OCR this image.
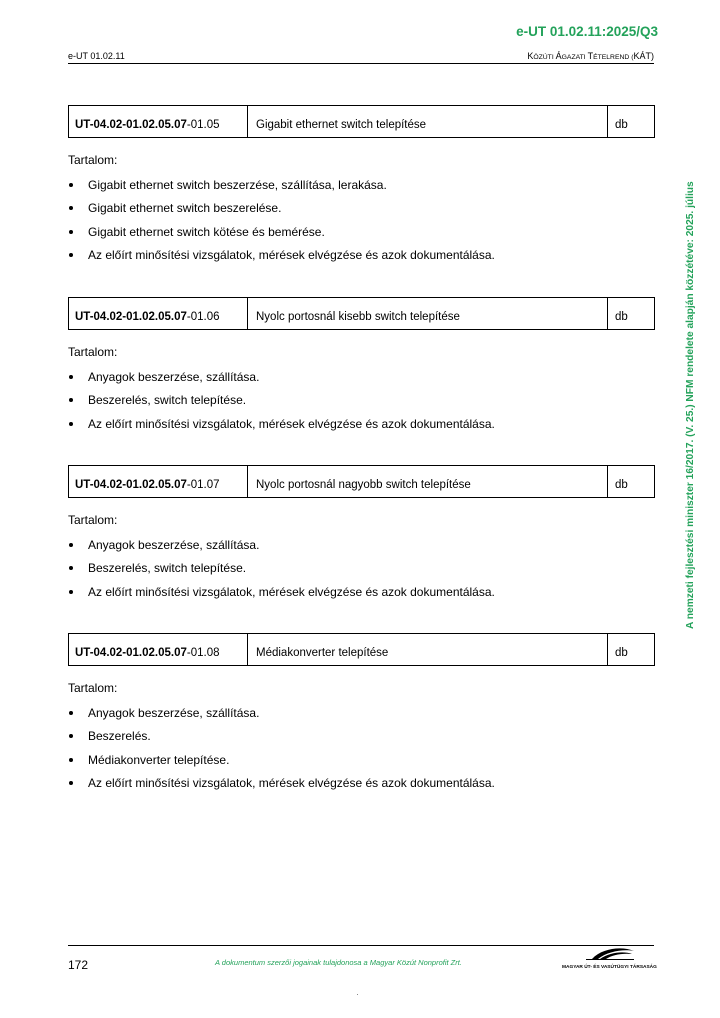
e-UT 01.02.11:2025/Q3
e-UT 01.02.11	KÖZÚTI ÁGAZATI TÉTELREND (KÁT)
A nemzeti fejlesztési miniszter 16/2017. (V. 25.) NFM rendelete alapján közzétéve: 2025. július
UT-04.02-01.02.05.07 -01.05	Gigabit ethernet switch telepítése	db
Tartalom:
Gigabit ethernet switch beszerzése, szállítása, lerakása.
Gigabit ethernet switch beszerelése.
Gigabit ethernet switch kötése és bemérése.
Az előírt minősítési vizsgálatok, mérések elvégzése és azok dokumentálása.
UT-04.02-01.02.05.07 -01.06	Nyolc portosnál kisebb switch telepítése	db
Tartalom:
Anyagok beszerzése, szállítása.
Beszerelés, switch telepítése.
Az előírt minősítési vizsgálatok, mérések elvégzése és azok dokumentálása.
UT-04.02-01.02.05.07 -01.07	Nyolc portosnál nagyobb switch telepítése	db
Tartalom:
Anyagok beszerzése, szállítása.
Beszerelés, switch telepítése.
Az előírt minősítési vizsgálatok, mérések elvégzése és azok dokumentálása.
UT-04.02-01.02.05.07 -01.08	Médiakonverter telepítése	db
Tartalom:
Anyagok beszerzése, szállítása.
Beszerelés.
Médiakonverter telepítése.
Az előírt minősítési vizsgálatok, mérések elvégzése és azok dokumentálása.
172	A dokumentum szerzői jogainak tulajdonosa a Magyar Közút Nonprofit Zrt.
MAGYAR ÚT- ÉS VASÚTÜGYI TÁRSASÁG
